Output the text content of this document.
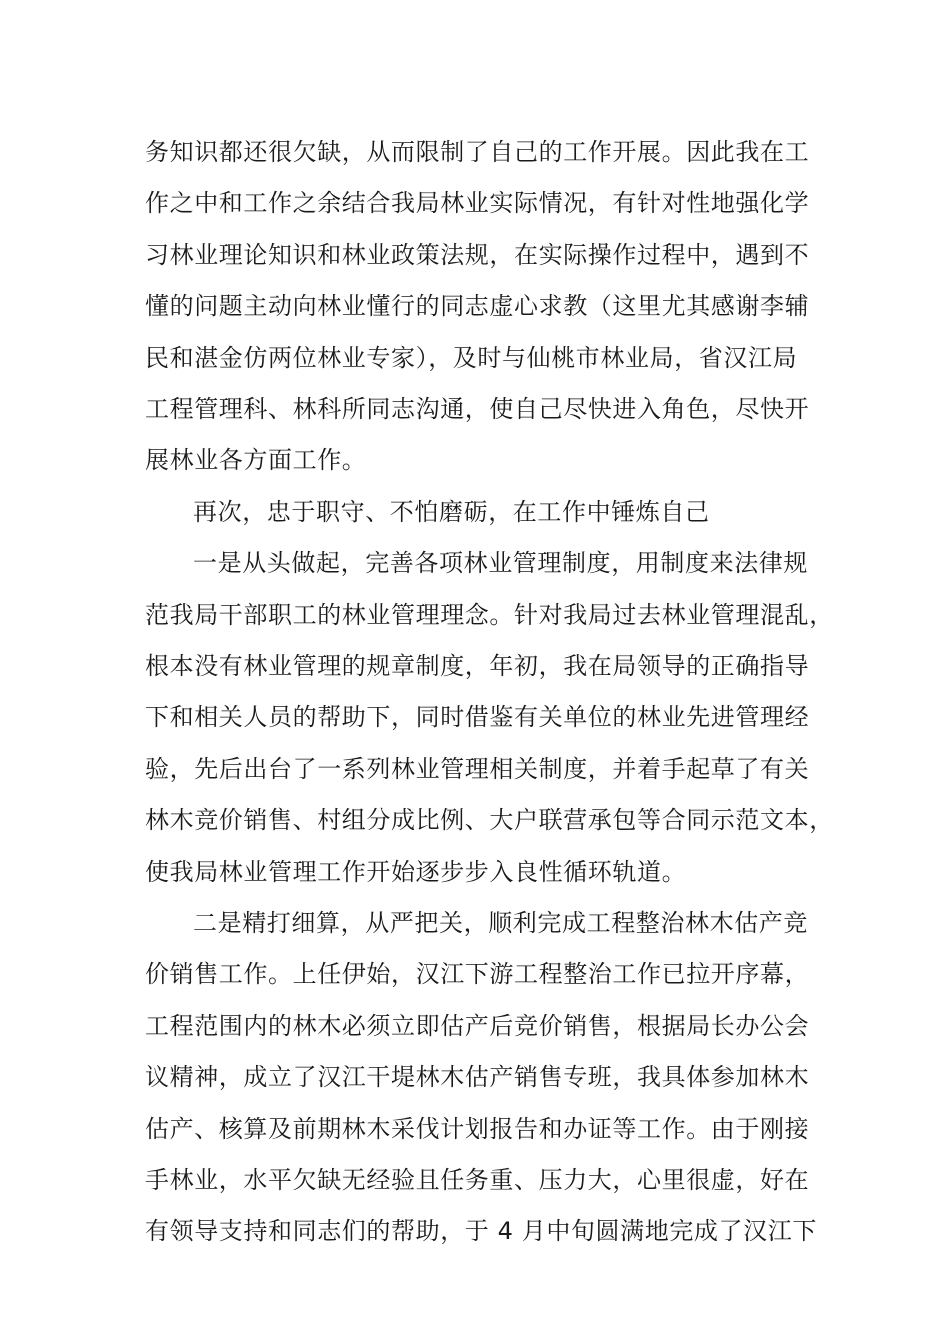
务知识都还很欠缺，从而限制了自己的工作开展。因此我在工
作之中和工作之余结合我局林业实际情况，有针对性地强化学
习林业理论知识和林业政策法规，在实际操作过程中，遇到不
懂的问题主动向林业懂行的同志虚心求教（这里尤其感谢李辅
民和湛金仿两位林业专家），及时与仙桃市林业局，省汉江局
工程管理科、林科所同志沟通，使自己尽快进入角色，尽快开
展林业各方面工作。
再次，忠于职守、不怕磨砺，在工作中锤炼自己
一是从头做起，完善各项林业管理制度，用制度来法律规
范我局干部职工的林业管理理念。针对我局过去林业管理混乱，
根本没有林业管理的规章制度，年初，我在局领导的正确指导
下和相关人员的帮助下，同时借鉴有关单位的林业先进管理经
验，先后出台了一系列林业管理相关制度，并着手起草了有关
林木竞价销售、村组分成比例、大户联营承包等合同示范文本，
使我局林业管理工作开始逐步步入良性循环轨道。
二是精打细算，从严把关，顺利完成工程整治林木估产竞
价销售工作。上任伊始，汉江下游工程整治工作已拉开序幕，
工程范围内的林木必须立即估产后竞价销售，根据局长办公会
议精神，成立了汉江干堤林木估产销售专班，我具体参加林木
估产、核算及前期林木采伐计划报告和办证等工作。由于刚接
手林业，水平欠缺无经验且任务重、压力大，心里很虚，好在
有领导支持和同志们的帮助，于 4 月中旬圆满地完成了汉江下
